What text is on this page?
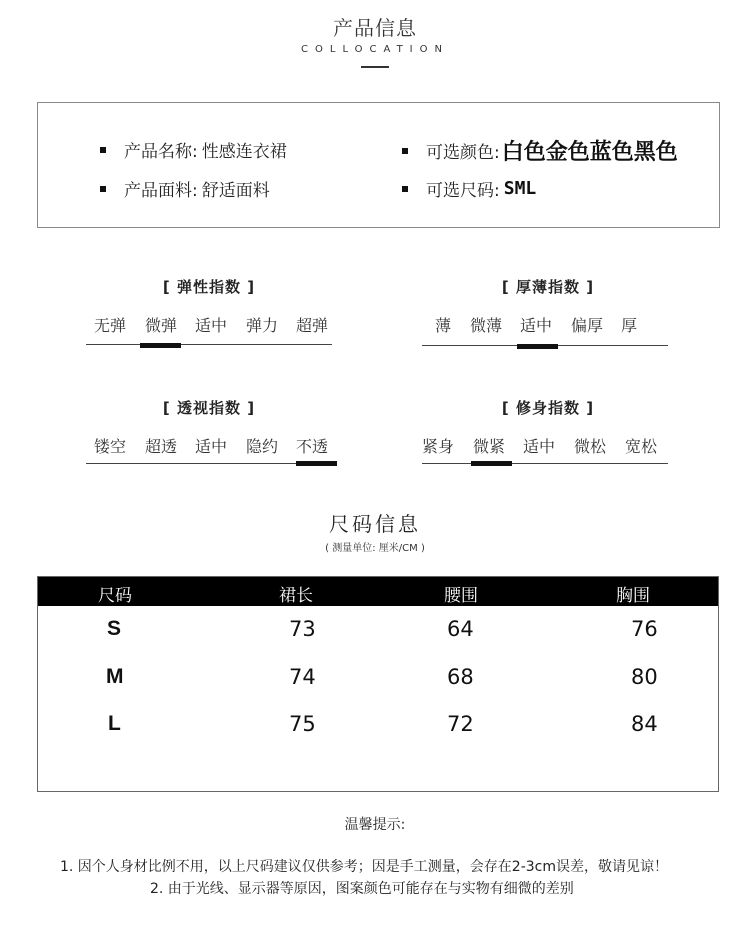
产品信息
COLLOCATION
产品名称: 性感连衣裙
产品面料: 舒适面料
可选颜色: 白色金色蓝色黑色
可选尺码: SML
[ 弹性指数 ]
无弹 微弹 适中 弹力 超弹
[ 厚薄指数 ]
薄 微薄 适中 偏厚 厚
[ 透视指数 ]
镂空 超透 适中 隐约 不透
[ 修身指数 ]
紧身 微紧 适中 微松 宽松
尺码信息
( 测量单位: 厘米/CM )
尺码	裙长	腰围	胸围
S	73	64	76
M	74	68	80
L	75	72	84
温馨提示:
1. 因个人身材比例不用，以上尺码建议仅供参考；因是手工测量，会存在2-3cm误差，敬请见谅！
2. 由于光线、显示器等原因，图案颜色可能存在与实物有细微的差别
